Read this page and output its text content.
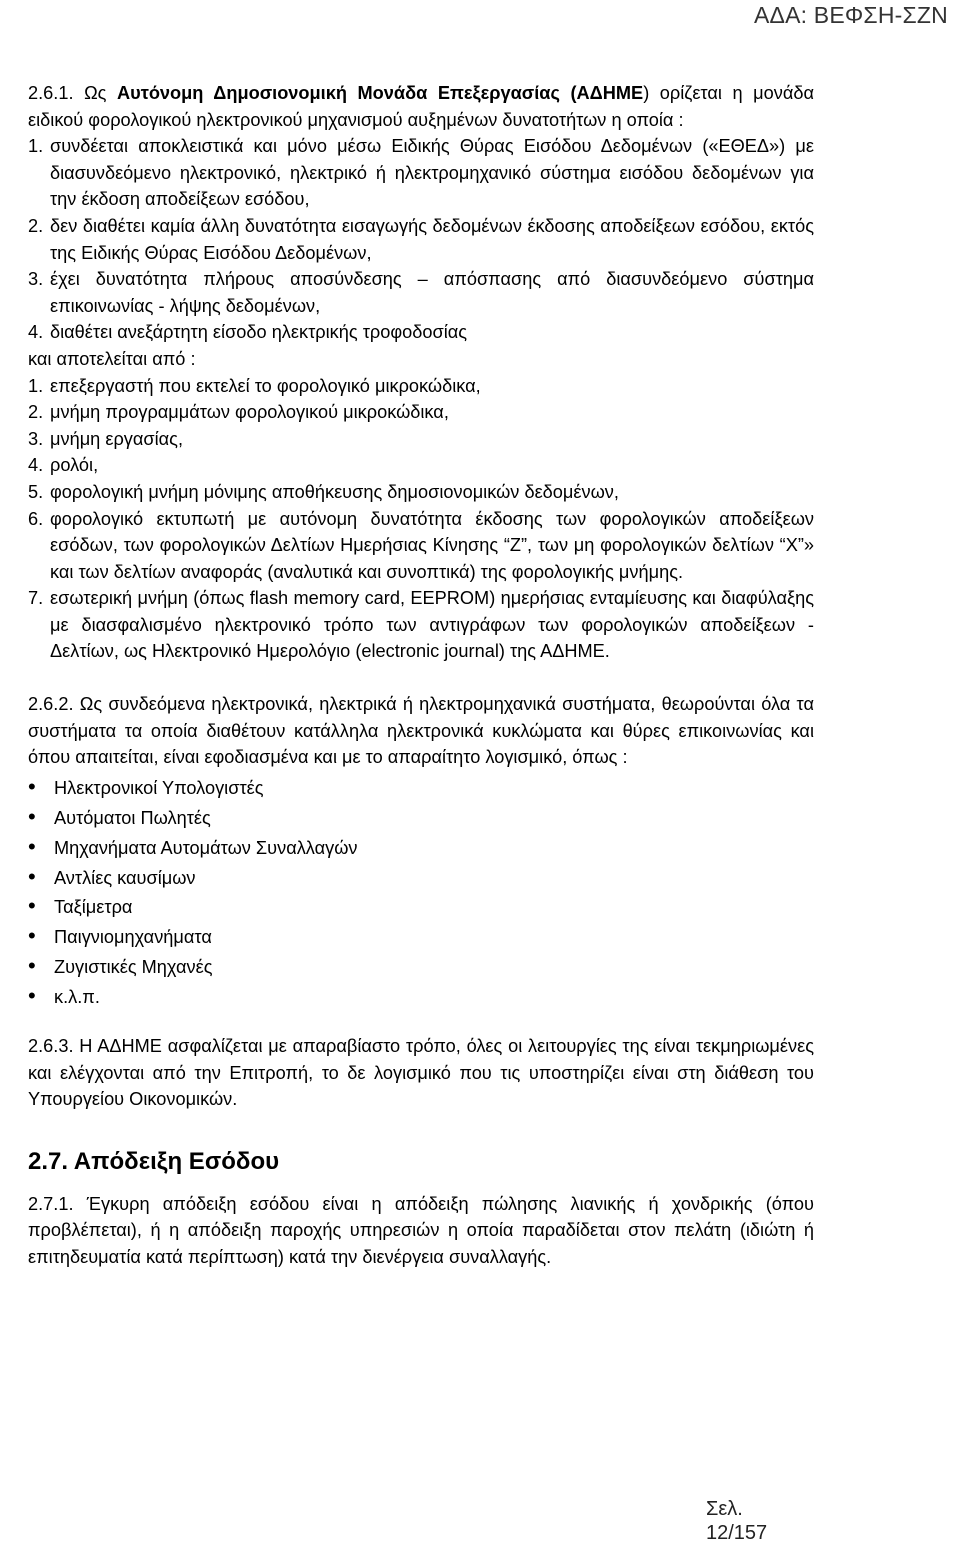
ΑΔΑ: ΒΕΦΣΗ-ΣΖΝ
2.6.1. Ως Αυτόνομη Δημοσιονομική Μονάδα Επεξεργασίας (ΑΔΗΜΕ) ορίζεται η μονάδα ειδικού φορολογικού ηλεκτρονικού μηχανισμού αυξημένων δυνατοτήτων η οποία :
1. συνδέεται αποκλειστικά και μόνο μέσω Ειδικής Θύρας Εισόδου Δεδομένων («ΕΘΕΔ») με διασυνδεόμενο ηλεκτρονικό, ηλεκτρικό ή ηλεκτρομηχανικό σύστημα εισόδου δεδομένων για την έκδοση αποδείξεων εσόδου,
2. δεν διαθέτει καμία άλλη δυνατότητα εισαγωγής δεδομένων έκδοσης αποδείξεων εσόδου, εκτός της Ειδικής Θύρας Εισόδου Δεδομένων,
3. έχει δυνατότητα πλήρους αποσύνδεσης – απόσπασης από διασυνδεόμενο σύστημα επικοινωνίας - λήψης δεδομένων,
4. διαθέτει ανεξάρτητη είσοδο ηλεκτρικής τροφοδοσίας
και αποτελείται από :
1. επεξεργαστή που εκτελεί το φορολογικό μικροκώδικα,
2. μνήμη προγραμμάτων φορολογικού μικροκώδικα,
3. μνήμη εργασίας,
4. ρολόι,
5. φορολογική μνήμη μόνιμης αποθήκευσης δημοσιονομικών δεδομένων,
6. φορολογικό εκτυπωτή με αυτόνομη δυνατότητα έκδοσης των φορολογικών αποδείξεων εσόδων, των φορολογικών Δελτίων Ημερήσιας Κίνησης “Ζ”, των μη φορολογικών δελτίων “Χ”» και των δελτίων αναφοράς (αναλυτικά και συνοπτικά) της φορολογικής μνήμης.
7. εσωτερική μνήμη (όπως flash memory card, EEPROM) ημερήσιας ενταμίευσης και διαφύλαξης με διασφαλισμένο ηλεκτρονικό τρόπο των αντιγράφων των φορολογικών αποδείξεων - Δελτίων, ως Ηλεκτρονικό Ημερολόγιο (electronic journal) της ΑΔΗΜΕ.
2.6.2. Ως συνδεόμενα ηλεκτρονικά, ηλεκτρικά ή ηλεκτρομηχανικά συστήματα, θεωρούνται όλα τα συστήματα τα οποία διαθέτουν κατάλληλα ηλεκτρονικά κυκλώματα και θύρες επικοινωνίας και όπου απαιτείται, είναι εφοδιασμένα και με το απαραίτητο λογισμικό, όπως :
•
Ηλεκτρονικοί Υπολογιστές
•
Αυτόματοι Πωλητές
•
Μηχανήματα Αυτομάτων Συναλλαγών
•
Αντλίες καυσίμων
•
Ταξίμετρα
•
Παιγνιομηχανήματα
•
Ζυγιστικές Μηχανές
•
κ.λ.π.
2.6.3. Η ΑΔΗΜΕ ασφαλίζεται με απαραβίαστο τρόπο, όλες οι λειτουργίες της είναι τεκμηριωμένες και ελέγχονται από την Επιτροπή, το δε λογισμικό που τις υποστηρίζει είναι στη διάθεση του Υπουργείου Οικονομικών.
2.7. Απόδειξη Εσόδου
2.7.1. Έγκυρη απόδειξη εσόδου είναι η απόδειξη πώλησης λιανικής ή χονδρικής (όπου προβλέπεται), ή η απόδειξη παροχής υπηρεσιών η οποία παραδίδεται στον πελάτη (ιδιώτη ή επιτηδευματία κατά περίπτωση) κατά την διενέργεια συναλλαγής.
Σελ.
12/157
